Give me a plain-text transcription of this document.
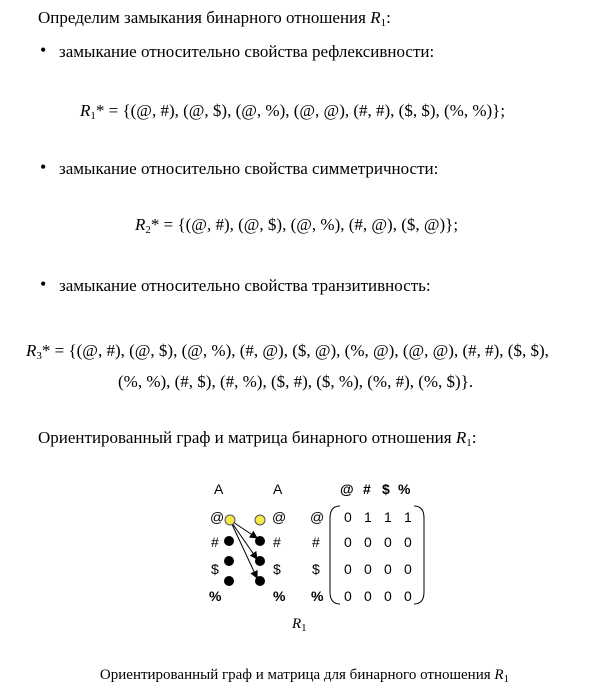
Определим замыкания бинарного отношения $R_1$:
• замыкание относительно свойства рефлексивности:
$R_1*$ = {(@, #), (@, $), (@, %), (@, @), (#, #), ($, $), (%, %)};
• замыкание относительно свойства симметричности:
$R_2*$ = {(@, #), (@, $), (@, %), (#, @), ($, @)};
• замыкание относительно свойства транзитивность:
$R_3*$ = {(@, #), (@, $), (@, %), (#, @), ($, @), (%, @), (@, @), (#, #), ($, $),
(%, %), (#, $), (#, %), ($, #), ($, %), (%, #), (%, $)}.
Ориентированный граф и матрица бинарного отношения $R_1$:
A	A
@
#
$
%
@
#
$
%
@ # $ %
@
#
$
%
0 1 1 1
0 0 0 0
0 0 0 0
0 0 0 0
$R_1$
Ориентированный граф и матрица для бинарного отношения $R_1$
